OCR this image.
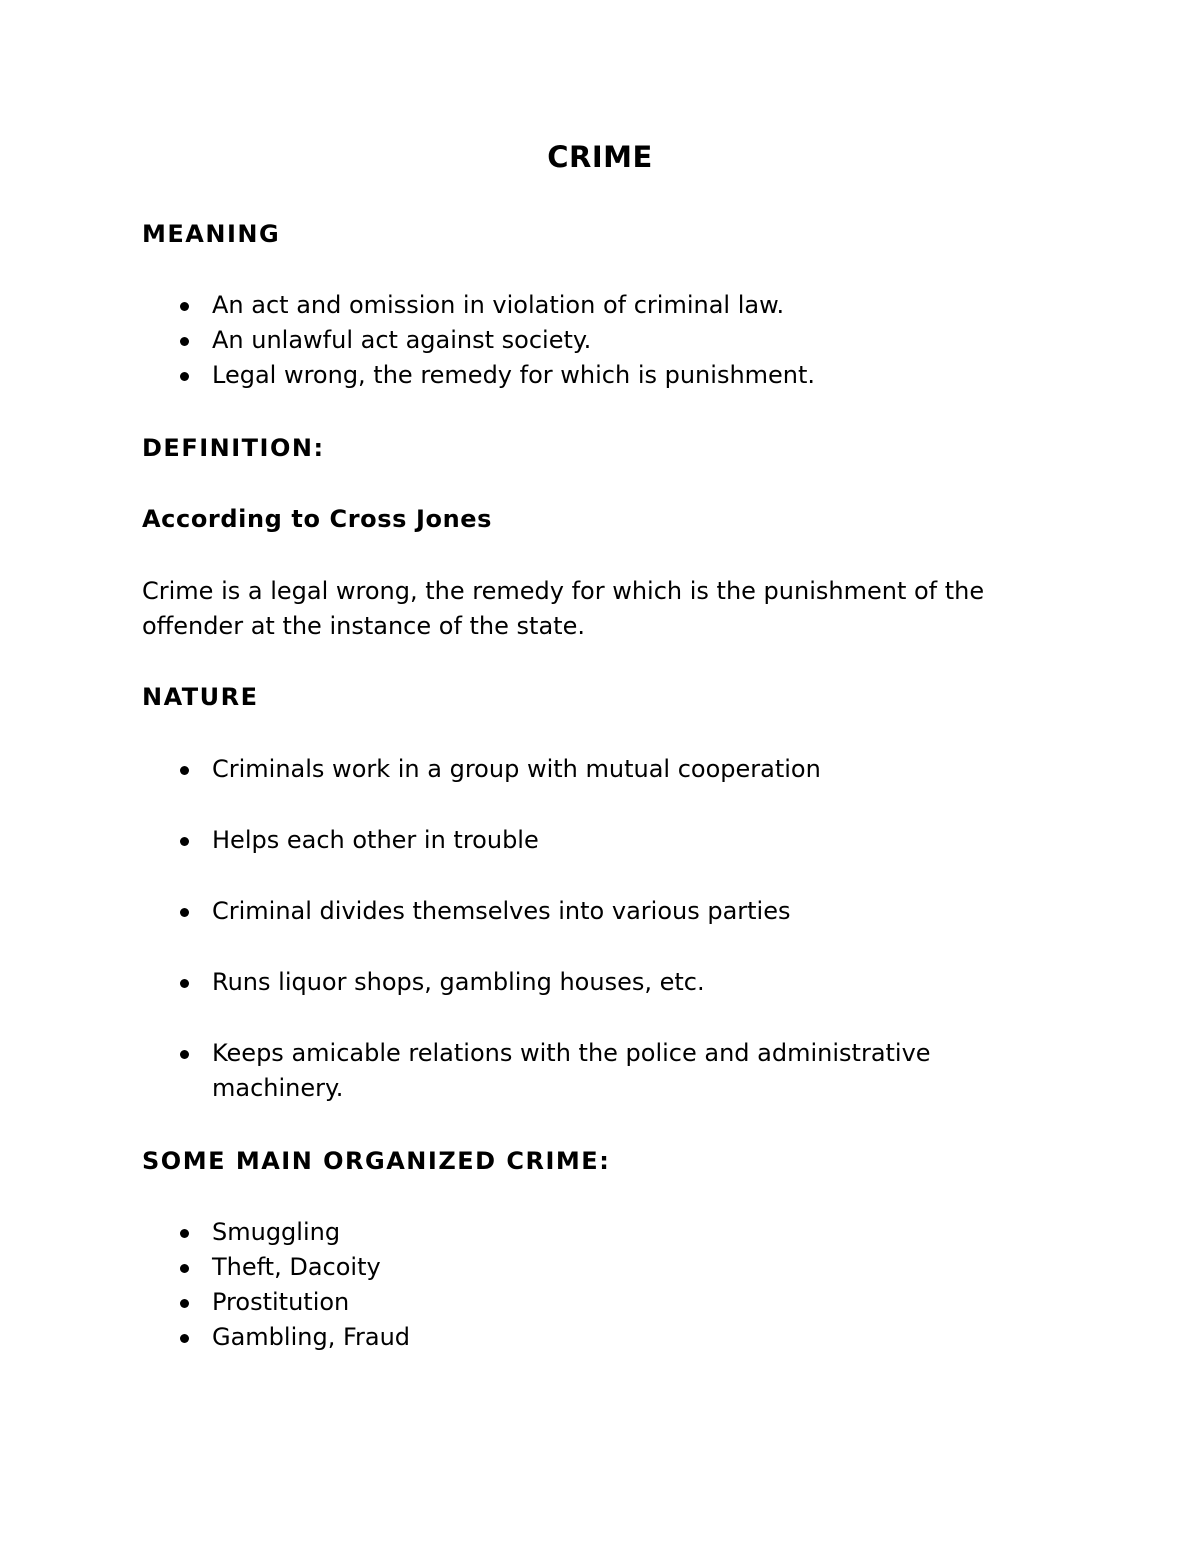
CRIME
MEANING
An act and omission in violation of criminal law.
An unlawful act against society.
Legal wrong, the remedy for which is punishment.
DEFINITION:
According to Cross Jones
Crime is a legal wrong, the remedy for which is the punishment of the offender at the instance of the state.
NATURE
Criminals work in a group with mutual cooperation
Helps each other in trouble
Criminal divides themselves into various parties
Runs liquor shops, gambling houses, etc.
Keeps amicable relations with the police and administrative machinery.
SOME MAIN ORGANIZED CRIME:
Smuggling
Theft, Dacoity
Prostitution
Gambling, Fraud
